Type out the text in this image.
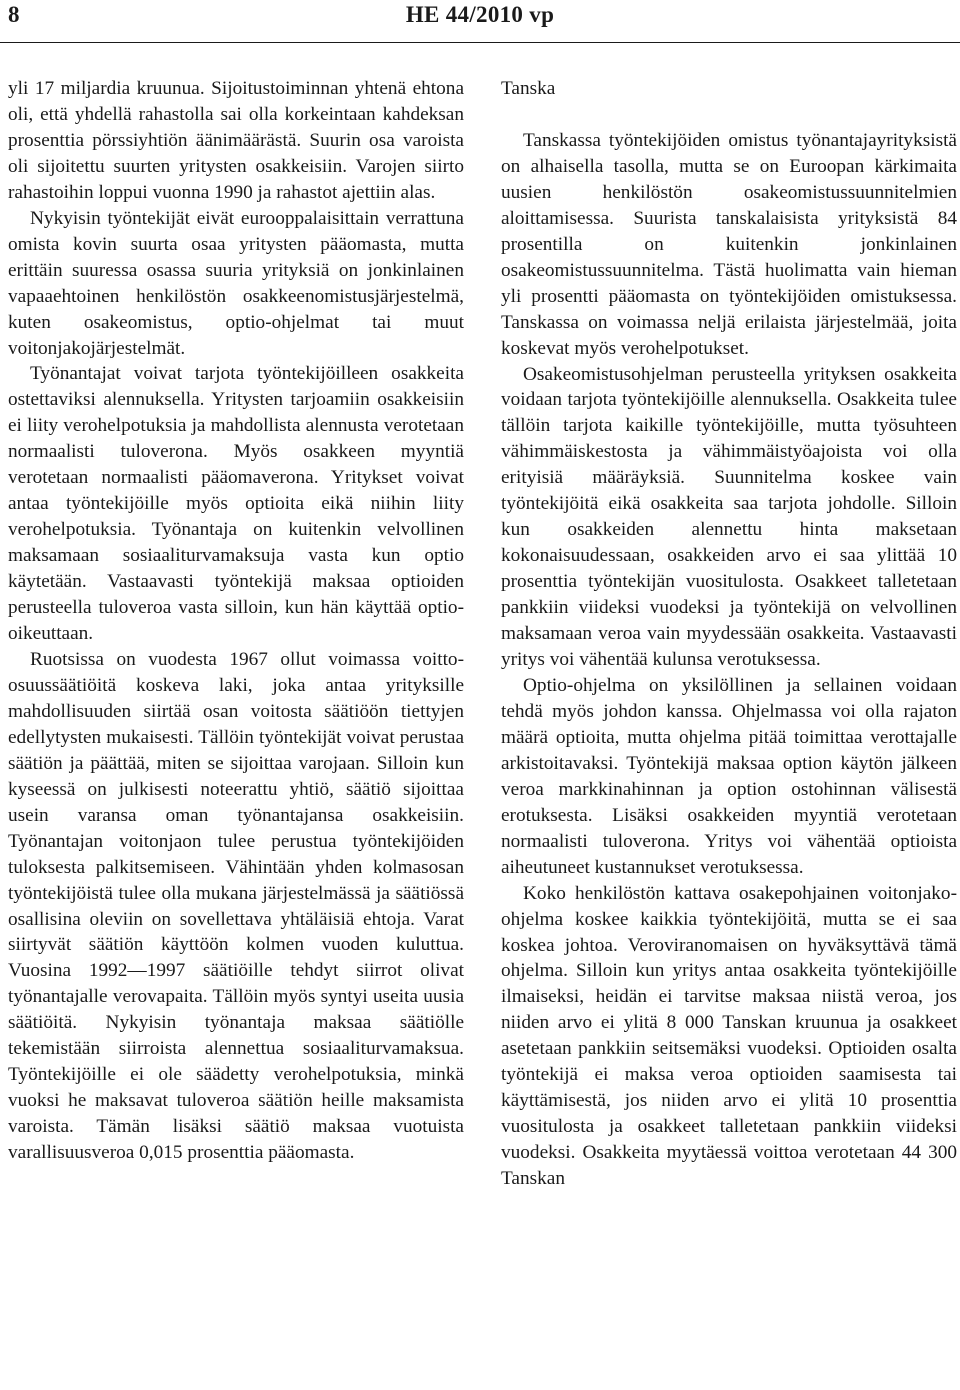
8	HE 44/2010 vp

yli 17 miljardia kruunua. Sijoitustoiminnan yhtenä ehtona oli, että yhdellä rahastolla sai olla korkeintaan kahdeksan prosenttia pörssiyhtiön äänimäärästä. Suurin osa varoista oli sijoitettu suurten yritysten osakkeisiin. Varojen siirto rahastoihin loppui vuonna 1990 ja rahastot ajettiin alas.

Nykyisin työntekijät eivät eurooppalaisittain verrattuna omista kovin suurta osaa yritysten pääomasta, mutta erittäin suuressa osassa suuria yrityksiä on jonkinlainen vapaaehtoinen henkilöstön osakkeenomistusjärjestelmä, kuten osakeomistus, optio-ohjelmat tai muut voitonjakojärjestelmät.

Työnantajat voivat tarjota työntekijöilleen osakkeita ostettaviksi alennuksella. Yritysten tarjoamiin osakkeisiin ei liity verohelpotuksia ja mahdollista alennusta verotetaan normaalisti tuloverona. Myös osakkeen myyntiä verotetaan normaalisti pääomaverona. Yritykset voivat antaa työntekijöille myös optioita eikä niihin liity verohelpotuksia. Työnantaja on kuitenkin velvollinen maksamaan sosiaaliturvamaksuja vasta kun optio käytetään. Vastaavasti työntekijä maksaa optioiden perusteella tuloveroa vasta silloin, kun hän käyttää optio-oikeuttaan.

Ruotsissa on vuodesta 1967 ollut voimassa voitto-osuussäätiöitä koskeva laki, joka antaa yrityksille mahdollisuuden siirtää osan voitosta säätiöön tiettyjen edellytysten mukaisesti. Tällöin työntekijät voivat perustaa säätiön ja päättää, miten se sijoittaa varojaan. Silloin kun kyseessä on julkisesti noteerattu yhtiö, säätiö sijoittaa usein varansa oman työnantajansa osakkeisiin. Työnantajan voitonjaon tulee perustua työntekijöiden tuloksesta palkitsemiseen. Vähintään yhden kolmasosan työntekijöistä tulee olla mukana järjestelmässä ja säätiössä osallisina oleviin on sovellettava yhtäläisiä ehtoja. Varat siirtyvät säätiön käyttöön kolmen vuoden kuluttua. Vuosina 1992—1997 säätiöille tehdyt siirrot olivat työnantajalle verovapaita. Tällöin myös syntyi useita uusia säätiöitä. Nykyisin työnantaja maksaa säätiölle tekemistään siirroista alennettua sosiaaliturvamaksua. Työntekijöille ei ole säädetty verohelpotuksia, minkä vuoksi he maksavat tuloveroa säätiön heille maksamista varoista. Tämän lisäksi säätiö maksaa vuotuista varallisuusveroa 0,015 prosenttia pääomasta.

Tanska

Tanskassa työntekijöiden omistus työnantajayrityksistä on alhaisella tasolla, mutta se on Euroopan kärkimaita uusien henkilöstön osakeomistussuunnitelmien aloittamisessa. Suurista tanskalaisista yrityksistä 84 prosentilla on kuitenkin jonkinlainen osakeomistussuunnitelma. Tästä huolimatta vain hieman yli prosentti pääomasta on työntekijöiden omistuksessa. Tanskassa on voimassa neljä erilaista järjestelmää, joita koskevat myös verohelpotukset.

Osakeomistusohjelman perusteella yrityksen osakkeita voidaan tarjota työntekijöille alennuksella. Osakkeita tulee tällöin tarjota kaikille työntekijöille, mutta työsuhteen vähimmäiskestosta ja vähimmäistyöajoista voi olla erityisiä määräyksiä. Suunnitelma koskee vain työntekijöitä eikä osakkeita saa tarjota johdolle. Silloin kun osakkeiden alennettu hinta maksetaan kokonaisuudessaan, osakkeiden arvo ei saa ylittää 10 prosenttia työntekijän vuositulosta. Osakkeet talletetaan pankkiin viideksi vuodeksi ja työntekijä on velvollinen maksamaan veroa vain myydessään osakkeita. Vastaavasti yritys voi vähentää kulunsa verotuksessa.

Optio-ohjelma on yksilöllinen ja sellainen voidaan tehdä myös johdon kanssa. Ohjelmassa voi olla rajaton määrä optioita, mutta ohjelma pitää toimittaa verottajalle arkistoitavaksi. Työntekijä maksaa option käytön jälkeen veroa markkinahinnan ja option ostohinnan välisestä erotuksesta. Lisäksi osakkeiden myyntiä verotetaan normaalisti tuloverona. Yritys voi vähentää optioista aiheutuneet kustannukset verotuksessa.

Koko henkilöstön kattava osakepohjainen voitonjako-ohjelma koskee kaikkia työntekijöitä, mutta se ei saa koskea johtoa. Veroviranomaisen on hyväksyttävä tämä ohjelma. Silloin kun yritys antaa osakkeita työntekijöille ilmaiseksi, heidän ei tarvitse maksaa niistä veroa, jos niiden arvo ei ylitä 8 000 Tanskan kruunua ja osakkeet asetetaan pankkiin seitsemäksi vuodeksi. Optioiden osalta työntekijä ei maksa veroa optioiden saamisesta tai käyttämisestä, jos niiden arvo ei ylitä 10 prosenttia vuositulosta ja osakkeet talletetaan pankkiin viideksi vuodeksi. Osakkeita myytäessä voittoa verotetaan 44 300 Tanskan
